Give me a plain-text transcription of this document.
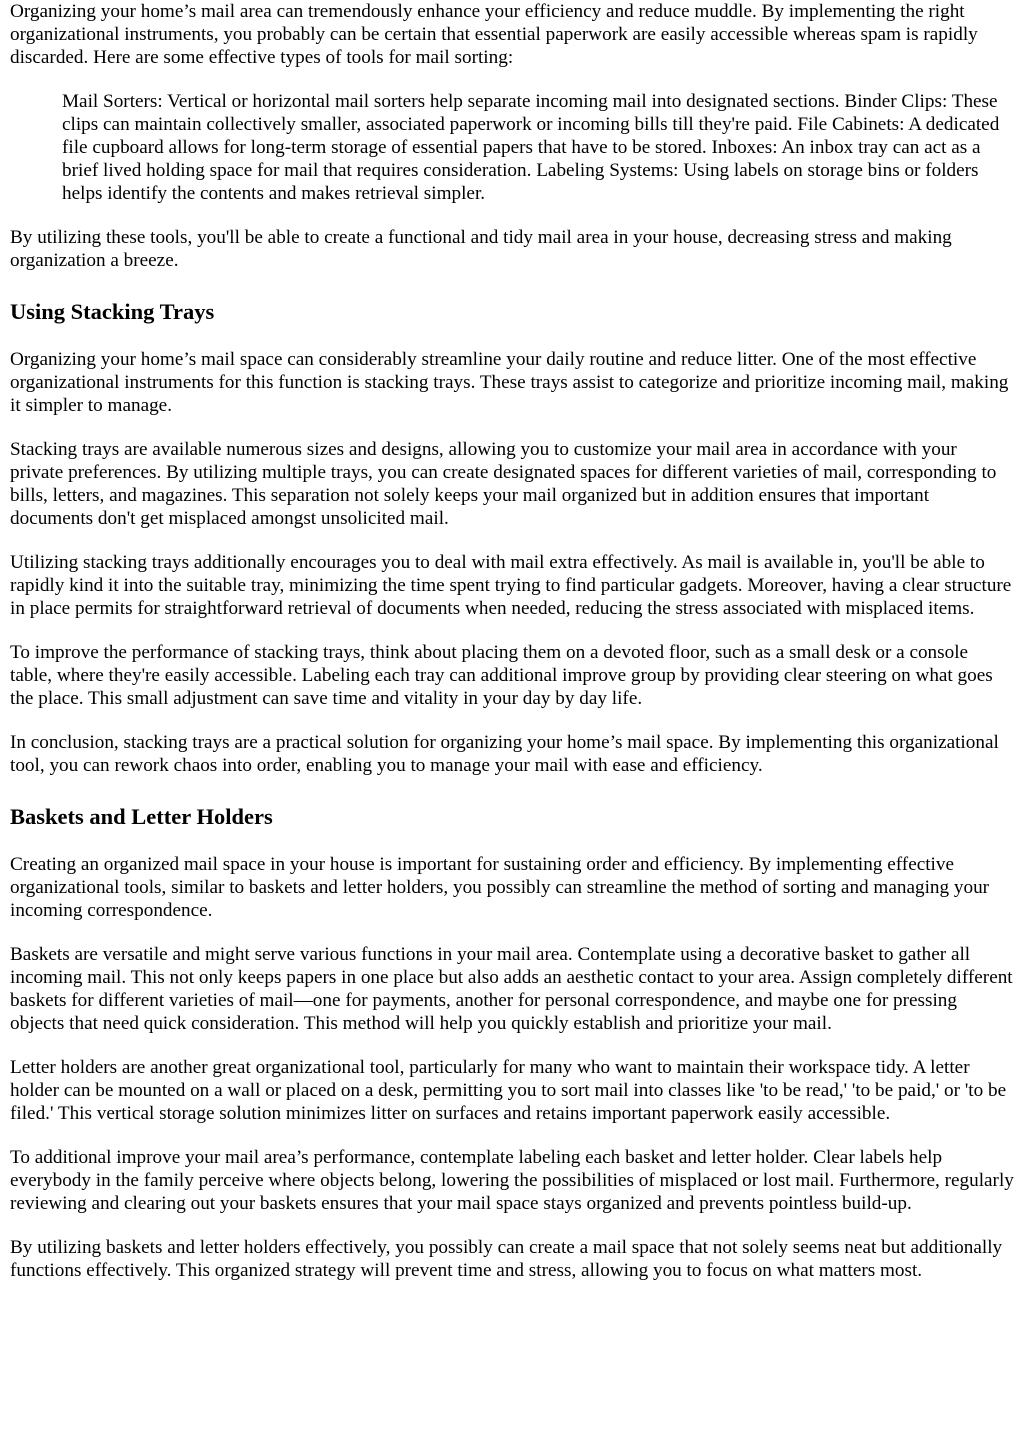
Organizing your home’s mail area can tremendously enhance your efficiency and reduce muddle. By implementing the right organizational instruments, you probably can be certain that essential paperwork are easily accessible whereas spam is rapidly discarded. Here are some effective types of tools for mail sorting:

Mail Sorters: Vertical or horizontal mail sorters help separate incoming mail into designated sections. Binder Clips: These clips can maintain collectively smaller, associated paperwork or incoming bills till they're paid. File Cabinets: A dedicated file cupboard allows for long-term storage of essential papers that have to be stored. Inboxes: An inbox tray can act as a brief lived holding space for mail that requires consideration. Labeling Systems: Using labels on storage bins or folders helps identify the contents and makes retrieval simpler.

By utilizing these tools, you'll be able to create a functional and tidy mail area in your house, decreasing stress and making organization a breeze.

Using Stacking Trays

Organizing your home’s mail space can considerably streamline your daily routine and reduce litter. One of the most effective organizational instruments for this function is stacking trays. These trays assist to categorize and prioritize incoming mail, making it simpler to manage.

Stacking trays are available numerous sizes and designs, allowing you to customize your mail area in accordance with your private preferences. By utilizing multiple trays, you can create designated spaces for different varieties of mail, corresponding to bills, letters, and magazines. This separation not solely keeps your mail organized but in addition ensures that important documents don't get misplaced amongst unsolicited mail.

Utilizing stacking trays additionally encourages you to deal with mail extra effectively. As mail is available in, you'll be able to rapidly kind it into the suitable tray, minimizing the time spent trying to find particular gadgets. Moreover, having a clear structure in place permits for straightforward retrieval of documents when needed, reducing the stress associated with misplaced items.

To improve the performance of stacking trays, think about placing them on a devoted floor, such as a small desk or a console table, where they're easily accessible. Labeling each tray can additional improve group by providing clear steering on what goes the place. This small adjustment can save time and vitality in your day by day life.

In conclusion, stacking trays are a practical solution for organizing your home’s mail space. By implementing this organizational tool, you can rework chaos into order, enabling you to manage your mail with ease and efficiency.

Baskets and Letter Holders

Creating an organized mail space in your house is important for sustaining order and efficiency. By implementing effective organizational tools, similar to baskets and letter holders, you possibly can streamline the method of sorting and managing your incoming correspondence.

Baskets are versatile and might serve various functions in your mail area. Contemplate using a decorative basket to gather all incoming mail. This not only keeps papers in one place but also adds an aesthetic contact to your area. Assign completely different baskets for different varieties of mail—one for payments, another for personal correspondence, and maybe one for pressing objects that need quick consideration. This method will help you quickly establish and prioritize your mail.

Letter holders are another great organizational tool, particularly for many who want to maintain their workspace tidy. A letter holder can be mounted on a wall or placed on a desk, permitting you to sort mail into classes like 'to be read,' 'to be paid,' or 'to be filed.' This vertical storage solution minimizes litter on surfaces and retains important paperwork easily accessible.

To additional improve your mail area’s performance, contemplate labeling each basket and letter holder. Clear labels help everybody in the family perceive where objects belong, lowering the possibilities of misplaced or lost mail. Furthermore, regularly reviewing and clearing out your baskets ensures that your mail space stays organized and prevents pointless build-up.

By utilizing baskets and letter holders effectively, you possibly can create a mail space that not solely seems neat but additionally functions effectively. This organized strategy will prevent time and stress, allowing you to focus on what matters most.
